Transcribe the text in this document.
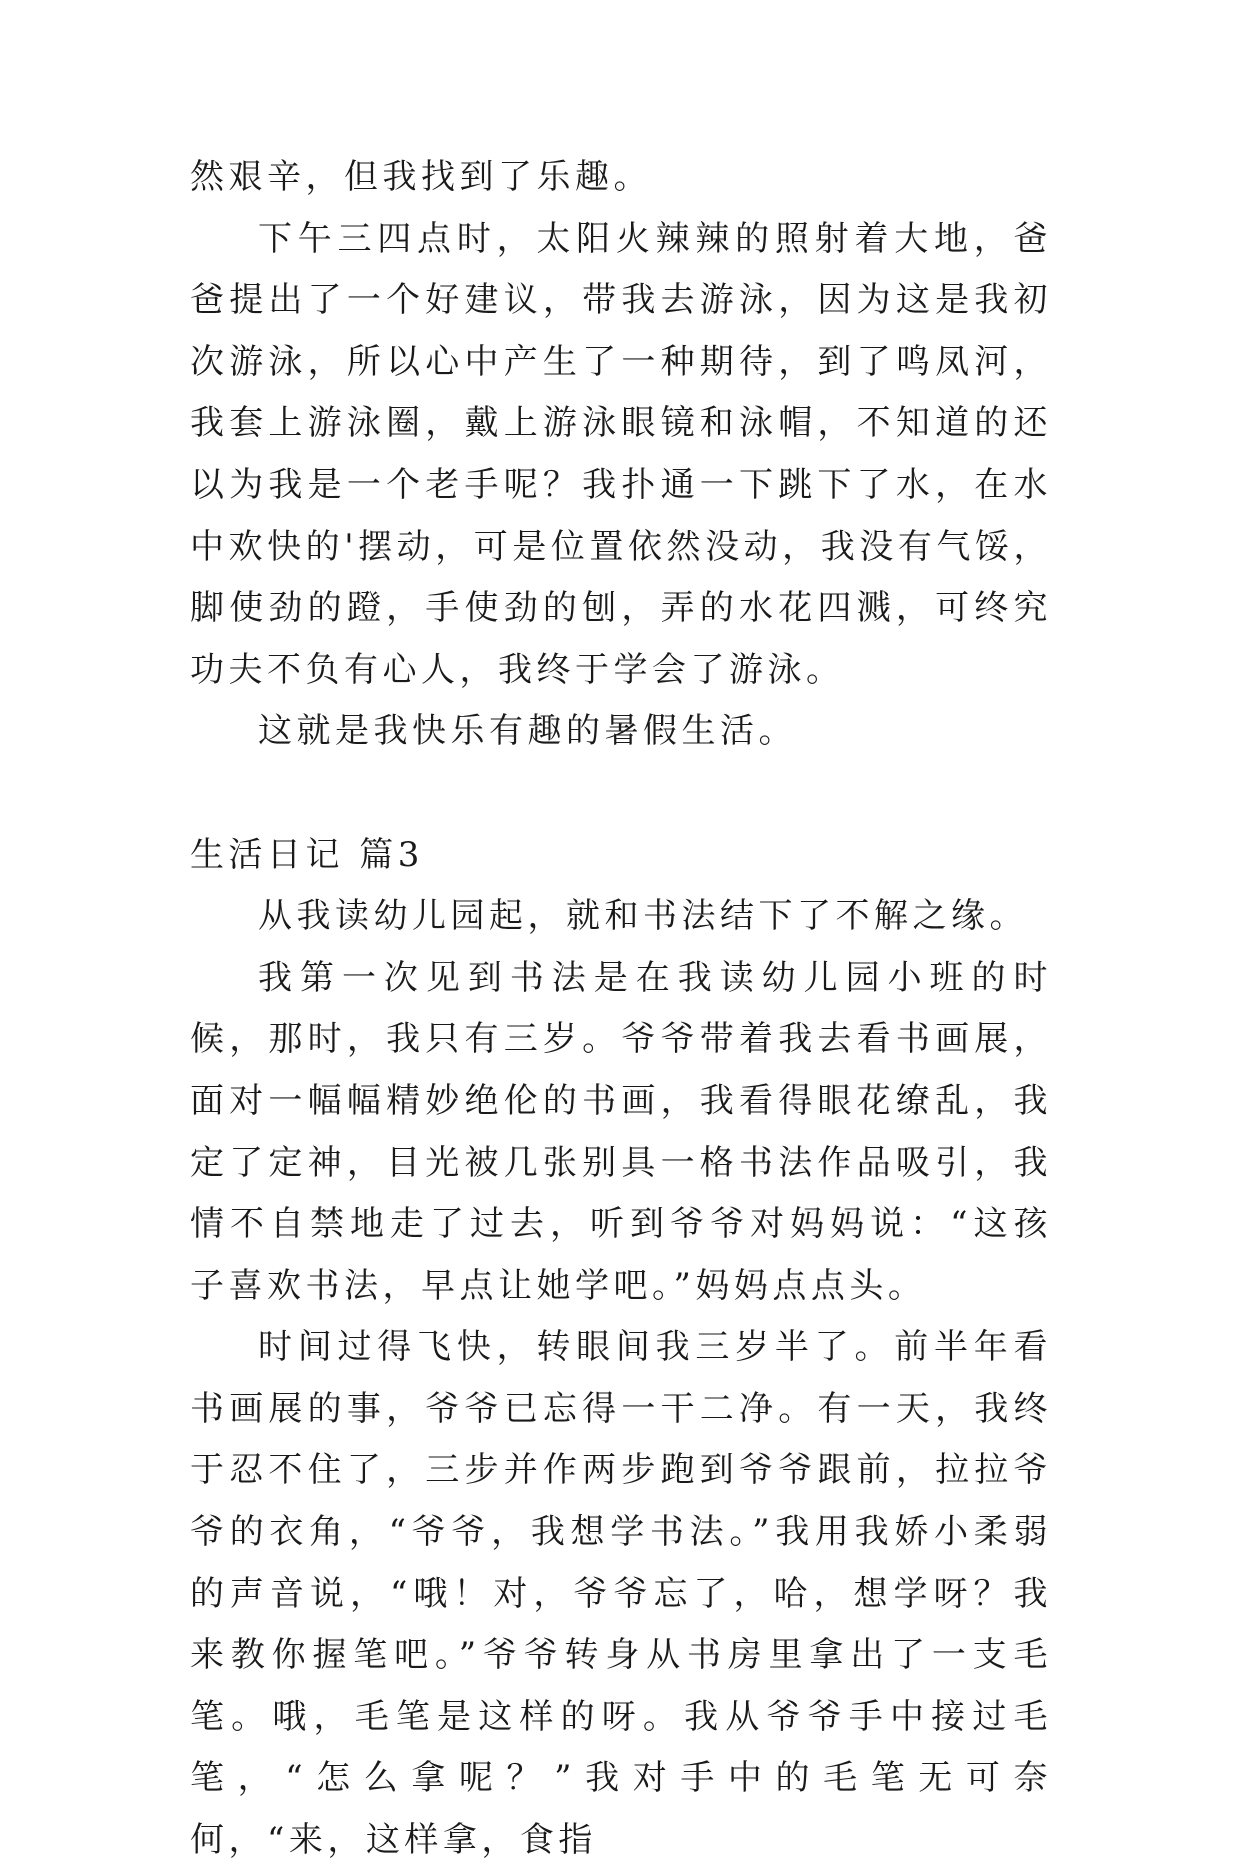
然艰辛，但我找到了乐趣。

下午三四点时，太阳火辣辣的照射着大地，爸爸提出了一个好建议，带我去游泳，因为这是我初次游泳，所以心中产生了一种期待，到了鸣凤河，我套上游泳圈，戴上游泳眼镜和泳帽，不知道的还以为我是一个老手呢？我扑通一下跳下了水，在水中欢快的'摆动，可是位置依然没动，我没有气馁，脚使劲的蹬，手使劲的刨，弄的水花四溅，可终究功夫不负有心人，我终于学会了游泳。

这就是我快乐有趣的暑假生活。

生活日记 篇3

从我读幼儿园起，就和书法结下了不解之缘。

我第一次见到书法是在我读幼儿园小班的时候，那时，我只有三岁。爷爷带着我去看书画展，面对一幅幅精妙绝伦的书画，我看得眼花缭乱，我定了定神，目光被几张别具一格书法作品吸引，我情不自禁地走了过去，听到爷爷对妈妈说：“这孩子喜欢书法，早点让她学吧。”妈妈点点头。

时间过得飞快，转眼间我三岁半了。前半年看书画展的事，爷爷已忘得一干二净。有一天，我终于忍不住了，三步并作两步跑到爷爷跟前，拉拉爷爷的衣角，“爷爷，我想学书法。”我用我娇小柔弱的声音说，“哦！对，爷爷忘了，哈，想学呀？我来教你握笔吧。”爷爷转身从书房里拿出了一支毛笔。哦，毛笔是这样的呀。我从爷爷手中接过毛笔，“怎么拿呢？”我对手中的毛笔无可奈何，“来，这样拿，食指
